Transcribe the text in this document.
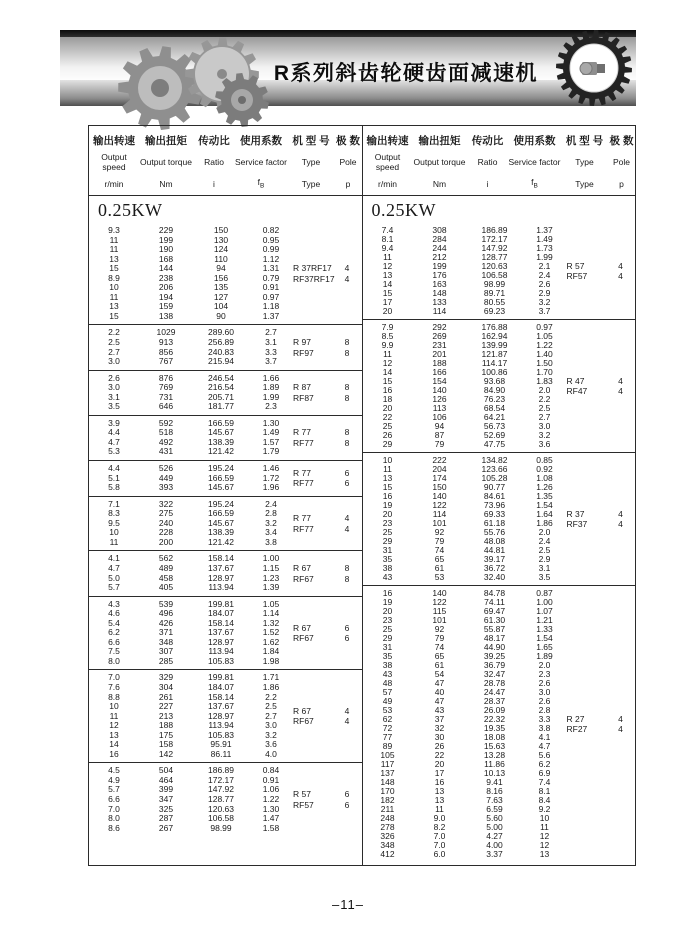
R系列斜齿轮硬齿面减速机
输出转速 输出扭矩 传动比 使用系数 机 型 号 极 数
Output speed	Output torque Ratio Service factor Type Pole
r/min	Nm	i	$f_B$	Type	p
0.25KW
9.3	229	150	0.82
11	199	130	0.95
11	190	124	0.99
13	168	110	1.12
15	144	94	1.31
8.9	238	156	0.79
10	206	135	0.91
11	194	127	0.97
13	159	104	1.18
15	138	90	1.37
R 37RF17	4
RF37RF17	4
2.2	1029	289.60	2.7
2.5	913	256.89	3.1
2.7	856	240.83	3.3
3.0	767	215.94	3.7
R 97	8
RF97	8
2.6	876	246.54	1.66
3.0	769	216.54	1.89
3.1	731	205.71	1.99
3.5	646	181.77	2.3
R 87	8
RF87	8
3.9	592	166.59	1.30
4.4	518	145.67	1.49
4.7	492	138.39	1.57
5.3	431	121.42	1.79
R 77	8
RF77	8
4.4	526	195.24	1.46
5.1	449	166.59	1.72
5.8	393	145.67	1.96
R 77	6
RF77	6
7.1	322	195.24	2.4
8.3	275	166.59	2.8
9.5	240	145.67	3.2
10	228	138.39	3.4
11	200	121.42	3.8
R 77	4
RF77	4
4.1	562	158.14	1.00
4.7	489	137.67	1.15
5.0	458	128.97	1.23
5.7	405	113.94	1.39
R 67	8
RF67	8
4.3	539	199.81	1.05
4.6	496	184.07	1.14
5.4	426	158.14	1.32
6.2	371	137.67	1.52
6.6	348	128.97	1.62
7.5	307	113.94	1.84
8.0	285	105.83	1.98
R 67	6
RF67	6
7.0	329	199.81	1.71
7.6	304	184.07	1.86
8.8	261	158.14	2.2
10	227	137.67	2.5
11	213	128.97	2.7
12	188	113.94	3.0
13	175	105.83	3.2
14	158	95.91	3.6
16	142	86.11	4.0
R 67	4
RF67	4
4.5	504	186.89	0.84
4.9	464	172.17	0.91
5.7	399	147.92	1.06
6.6	347	128.77	1.22
7.0	325	120.63	1.30
8.0	287	106.58	1.47
8.6	267	98.99	1.58
R 57	6
RF57	6
输出转速 输出扭矩 传动比 使用系数 机 型 号 极 数
Output speed	Output torque Ratio Service factor Type Pole
r/min	Nm	i	$f_B$	Type	p
0.25KW
7.4	308	186.89	1.37
8.1	284	172.17	1.49
9.4	244	147.92	1.73
11	212	128.77	1.99
12	199	120.63	2.1
13	176	106.58	2.4
14	163	98.99	2.6
15	148	89.71	2.9
17	133	80.55	3.2
20	114	69.23	3.7
R 57	4
RF57	4
7.9	292	176.88	0.97
8.5	269	162.94	1.05
9.9	231	139.99	1.22
11	201	121.87	1.40
12	188	114.17	1.50
14	166	100.86	1.70
15	154	93.68	1.83
16	140	84.90	2.0
18	126	76.23	2.2
20	113	68.54	2.5
22	106	64.21	2.7
25	94	56.73	3.0
26	87	52.69	3.2
29	79	47.75	3.6
R 47	4
RF47	4
10	222	134.82	0.85
11	204	123.66	0.92
13	174	105.28	1.08
15	150	90.77	1.26
16	140	84.61	1.35
19	122	73.96	1.54
20	114	69.33	1.64
23	101	61.18	1.86
25	92	55.76	2.0
29	79	48.08	2.4
31	74	44.81	2.5
35	65	39.17	2.9
38	61	36.72	3.1
43	53	32.40	3.5
R 37	4
RF37	4
16	140	84.78	0.87
19	122	74.11	1.00
20	115	69.47	1.07
23	101	61.30	1.21
25	92	55.87	1.33
29	79	48.17	1.54
31	74	44.90	1.65
35	65	39.25	1.89
38	61	36.79	2.0
43	54	32.47	2.3
48	47	28.78	2.6
57	40	24.47	3.0
49	47	28.37	2.6
53	43	26.09	2.8
62	37	22.32	3.3
72	32	19.35	3.8
77	30	18.08	4.1
89	26	15.63	4.7
105	22	13.28	5.6
117	20	11.86	6.2
137	17	10.13	6.9
148	16	9.41	7.4
170	13	8.16	8.1
182	13	7.63	8.4
211	11	6.59	9.2
248	9.0	5.60	10
278	8.2	5.00	11
326	7.0	4.27	12
348	7.0	4.00	12
412	6.0	3.37	13
R 27	4
RF27	4
–11–
